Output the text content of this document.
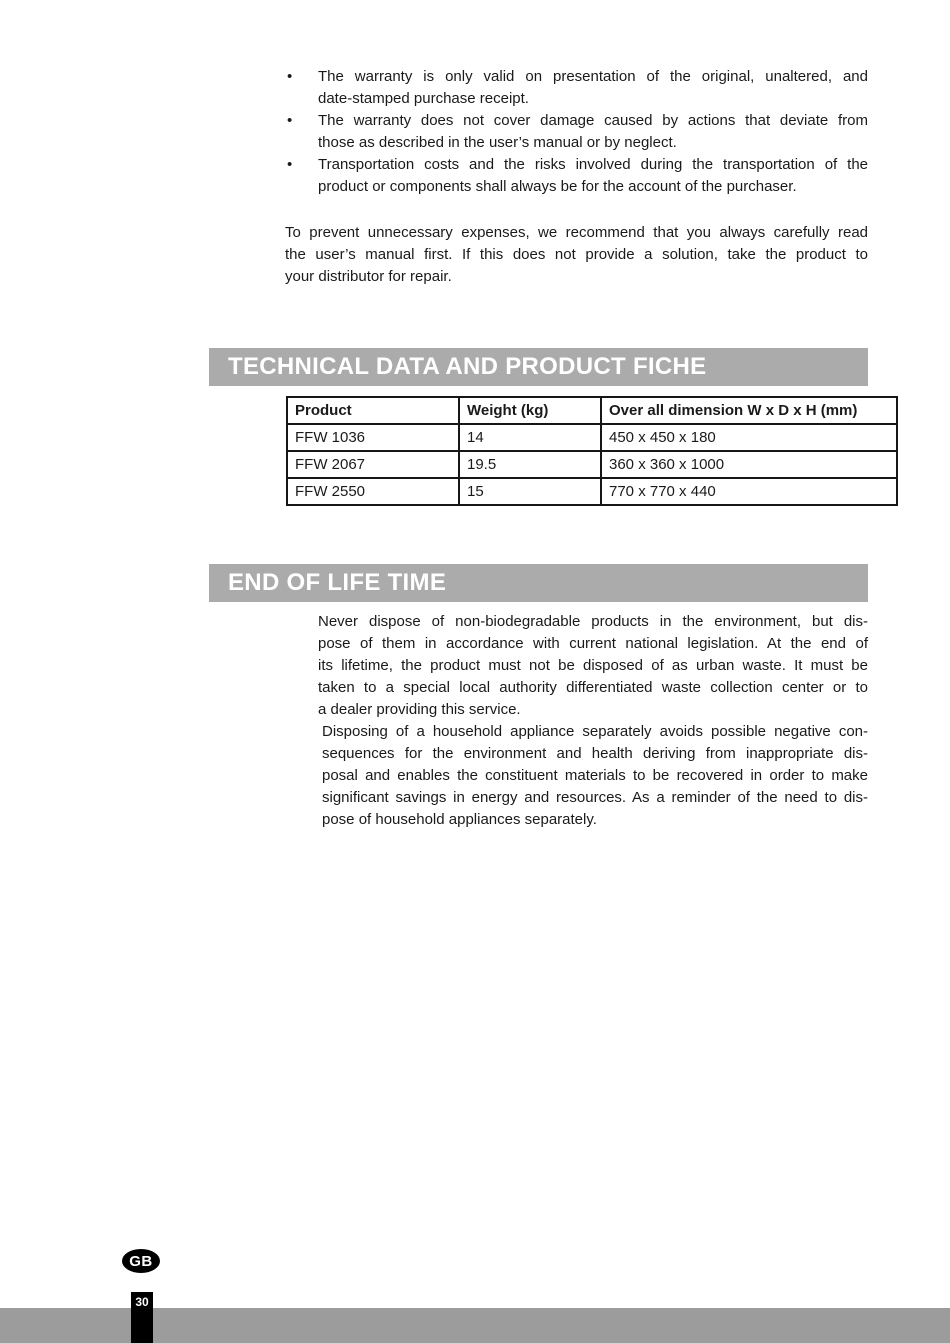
•	The warranty is only valid on presentation of the original, unaltered, and
date-stamped purchase receipt.
•	The warranty does not cover damage caused by actions that deviate from
those as described in the user’s manual or by neglect.
•	Transportation costs and the risks involved during the transportation of the
product or components shall always be for the account of the purchaser.
To prevent unnecessary expenses, we recommend that you always carefully read
the user’s manual first. If this does not provide a solution, take the product to
your distributor for repair.
TECHNICAL DATA AND PRODUCT FICHE
Product	Weight (kg)	Over all dimension W x D x H (mm)
FFW 1036	14	450 x 450 x 180
FFW 2067	19.5	360 x 360 x 1000
FFW 2550	15	770 x 770 x 440
END OF LIFE TIME
Never dispose of non-biodegradable products in the environment, but dis-
pose of them in accordance with current national legislation. At the end of
its lifetime, the product must not be disposed of as urban waste. It must be
taken to a special local authority differentiated waste collection center or to
a dealer providing this service.
Disposing of a household appliance separately avoids possible negative con-
sequences for the environment and health deriving from inappropriate dis-
posal and enables the constituent materials to be recovered in order to make
significant savings in energy and resources. As a reminder of the need to dis-
pose of household appliances separately.
GB
30
